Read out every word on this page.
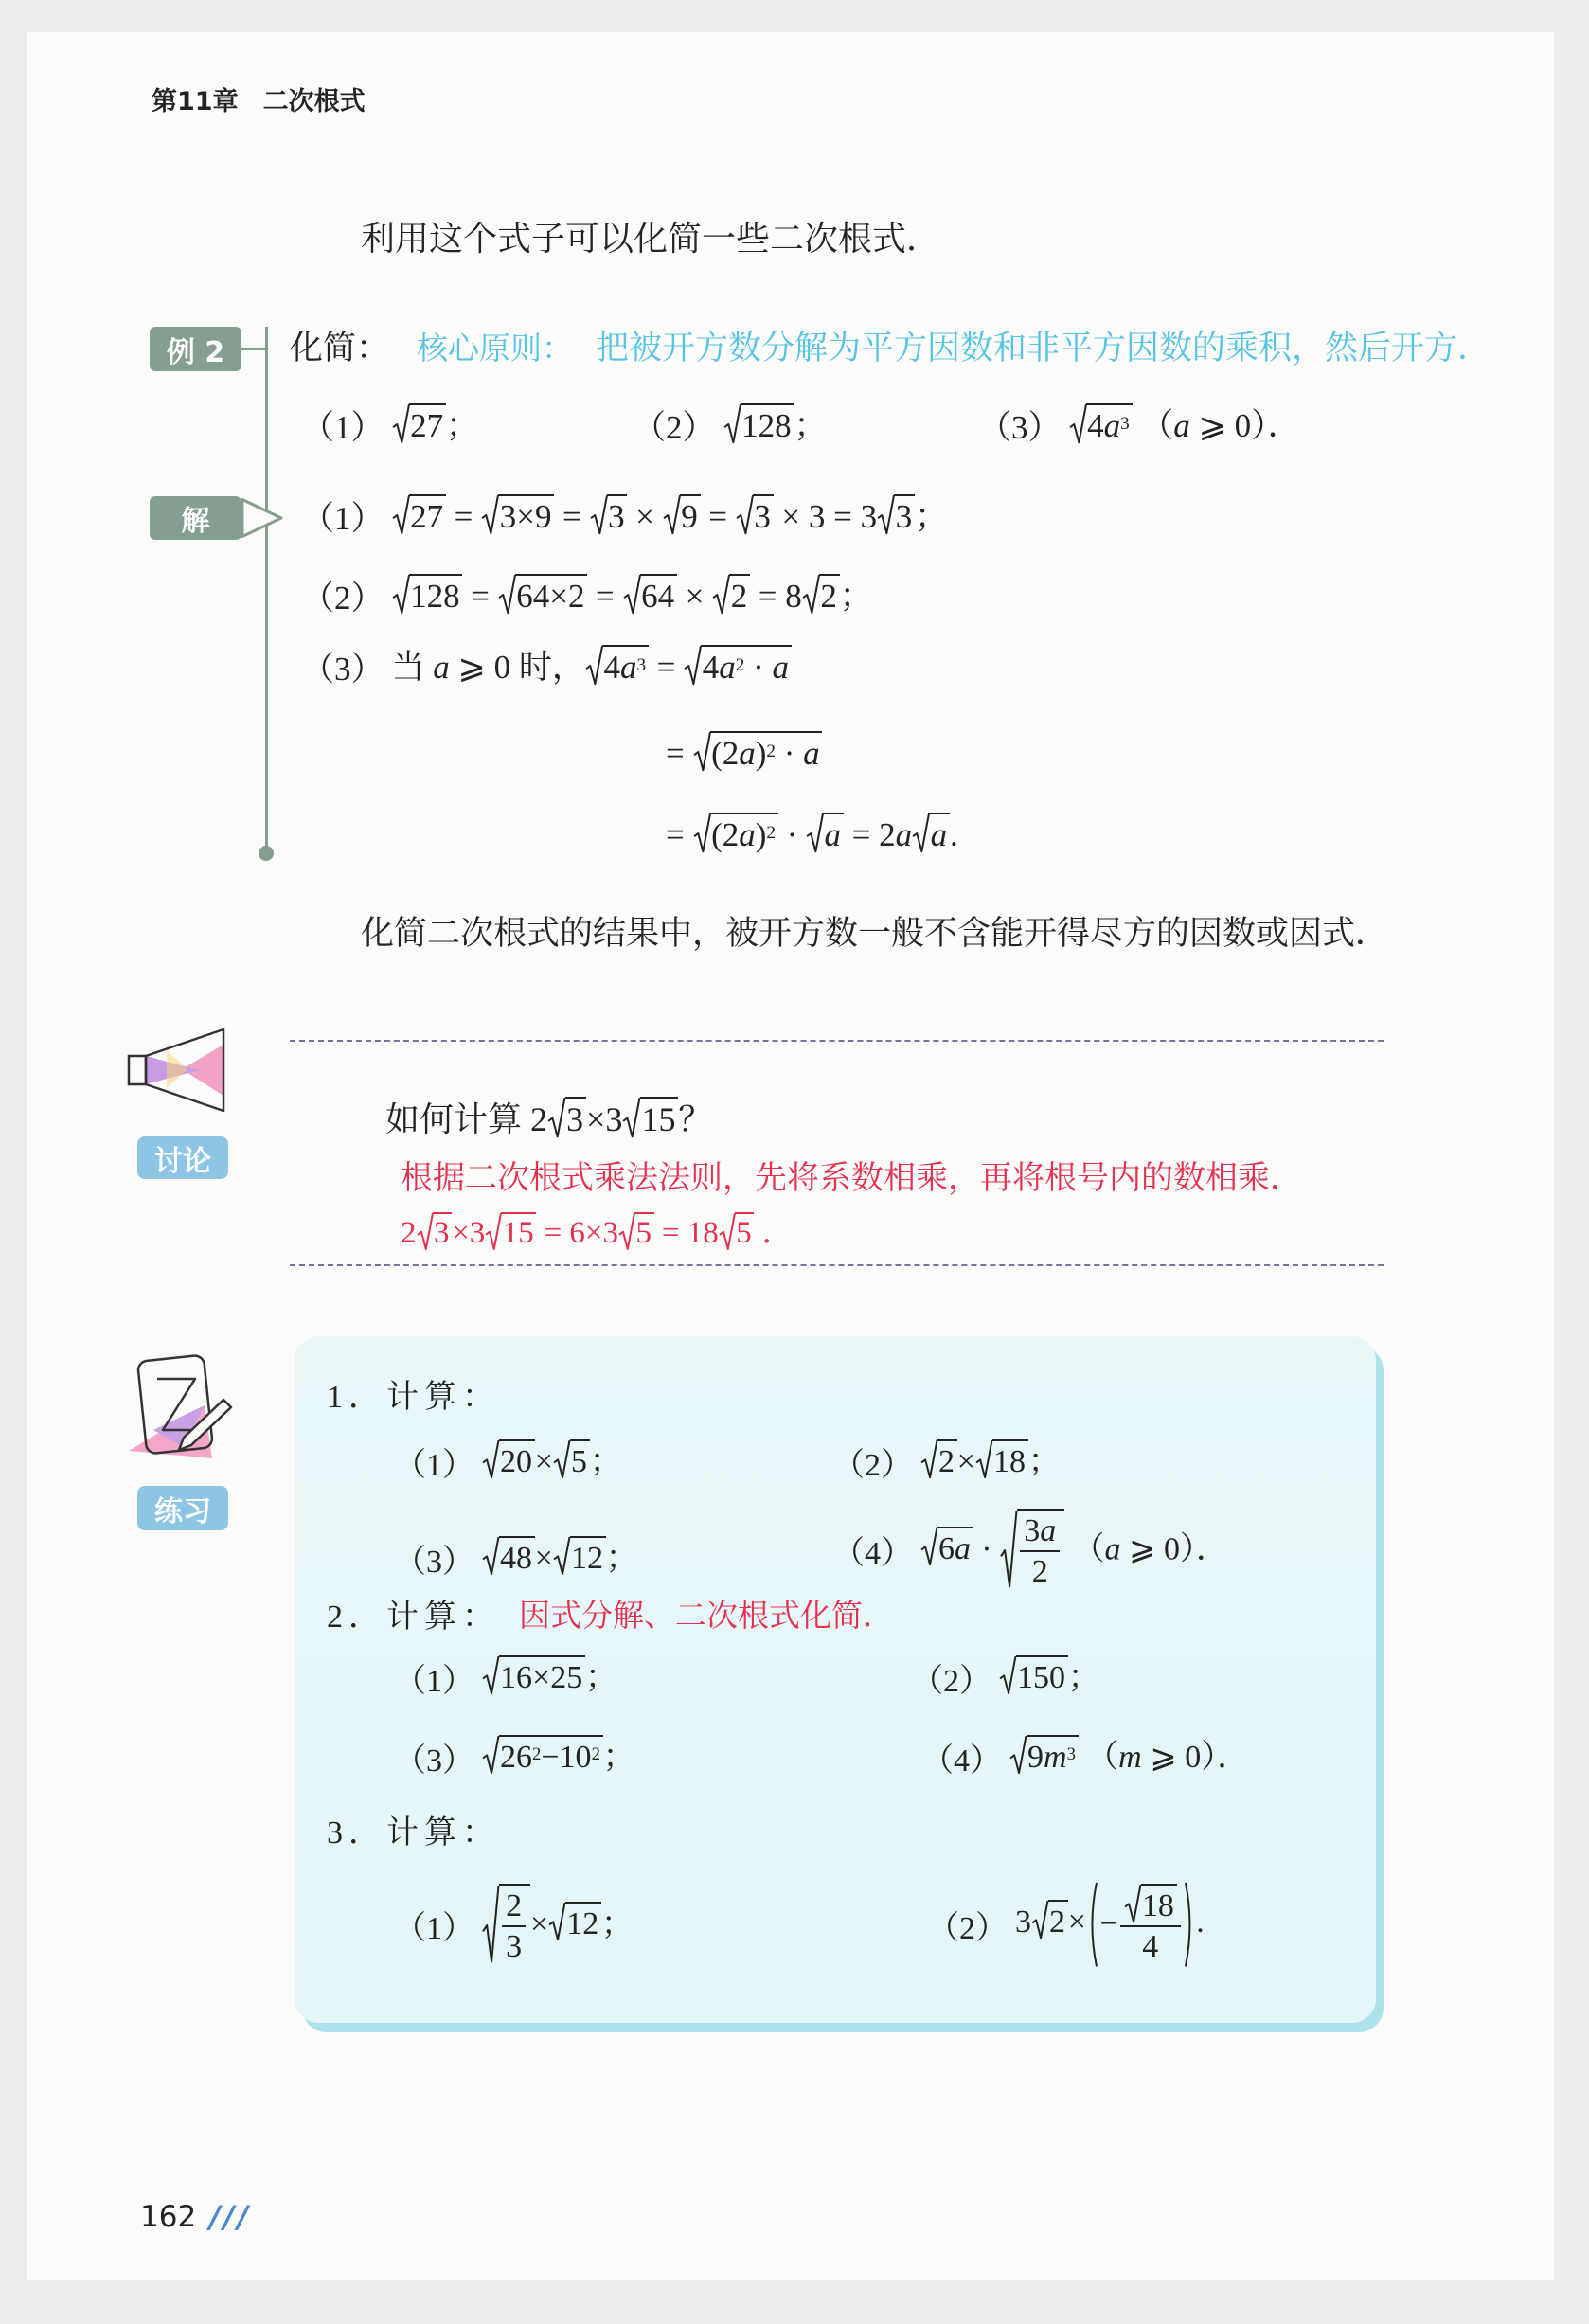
第11章 二次根式
利用这个式子可以化简一些二次根式．
例 2	化简： 核心原则： 把被开方数分解为平方因数和非平方因数的乘积，然后开方．
（1） 27；	（2） 128；	（3） $4a^3$ （a ⩾ 0）．
解	（1） 27 =
3×9 =
3 ×
9 =
3 × 3 = 3 3；
（2） 128 =
64×2 =
64 ×
2 = 8 2；
（3） 当 a ⩾ 0 时， $4a^3$ =
$4a^2 \cdot a$
=
$(2a)^2 \cdot a$
=
$(2a)^2$ ·
a = 2a a.
化简二次根式的结果中，被开方数一般不含能开得尽方的因数或因式．
讨论
如何计算 2 3×3 15？
根据二次根式乘法法则，先将系数相乘，再将根号内的数相乘．
2 3×3 15 = 6×3 5 = 18 5 ．
练习
1．计算：
（1） 20× 5；	（2） 2× 18；
（3） 48× 12；	（4） $6a \cdot \frac{3a}{2} (a$ ⩾ 0）．
2．计算： 因式分解、二次根式化简．
（1） 16×25；	（2） 150；
（3） $26^2-10^2$；	（4） $9m^3$ （m ⩾ 0）．
3．计算：
$(1) \frac{2}{3} \times 12$；	（2） 3 $2\times - \frac{18}{4}$ .
162 ///
